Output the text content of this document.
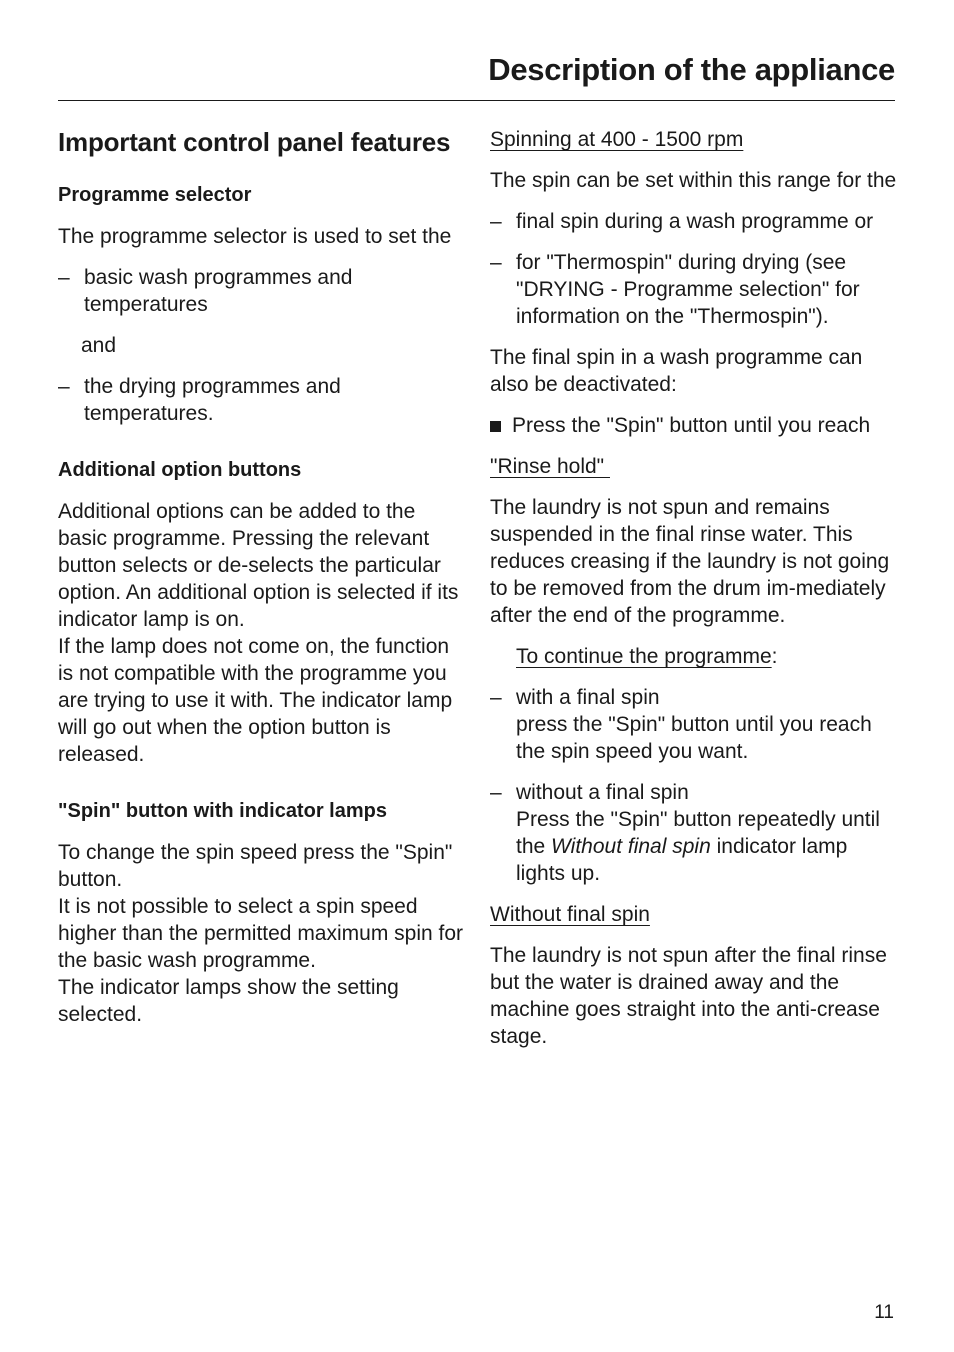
Description of the appliance
Important control panel features
Programme selector

The programme selector is used to set the

– basic wash programmes and temperatures

and

– the drying programmes and temperatures.
Additional option buttons

Additional options can be added to the basic programme. Pressing the relevant button selects or de-selects the particular option. An additional option is selected if its indicator lamp is on.

If the lamp does not come on, the function is not compatible with the programme you are trying to use it with. The indicator lamp will go out when the option button is released.

"Spin" button with indicator lamps

To change the spin speed press the "Spin" button.

It is not possible to select a spin speed higher than the permitted maximum spin for the basic wash programme.

The indicator lamps show the setting selected.

Spinning at 400 - 1500 rpm

The spin can be set within this range for the

– final spin during a wash programme or
– for "Thermospin" during drying (see "DRYING - Programme selection" for information on the "Thermospin").

The final spin in a wash programme can also be deactivated:

Press the "Spin" button until you reach

"Rinse hold"

The laundry is not spun and remains suspended in the final rinse water. This reduces creasing if the laundry is not going to be removed from the drum im-mediately after the end of the programme.

To continue the programme:

– with a final spin
press the "Spin" button until you reach the spin speed you want.
– without a final spin
Press the "Spin" button repeatedly until the Without final spin indicator lamp lights up.

Without final spin

The laundry is not spun after the final rinse but the water is drained away and the machine goes straight into the anti-crease stage.

11
